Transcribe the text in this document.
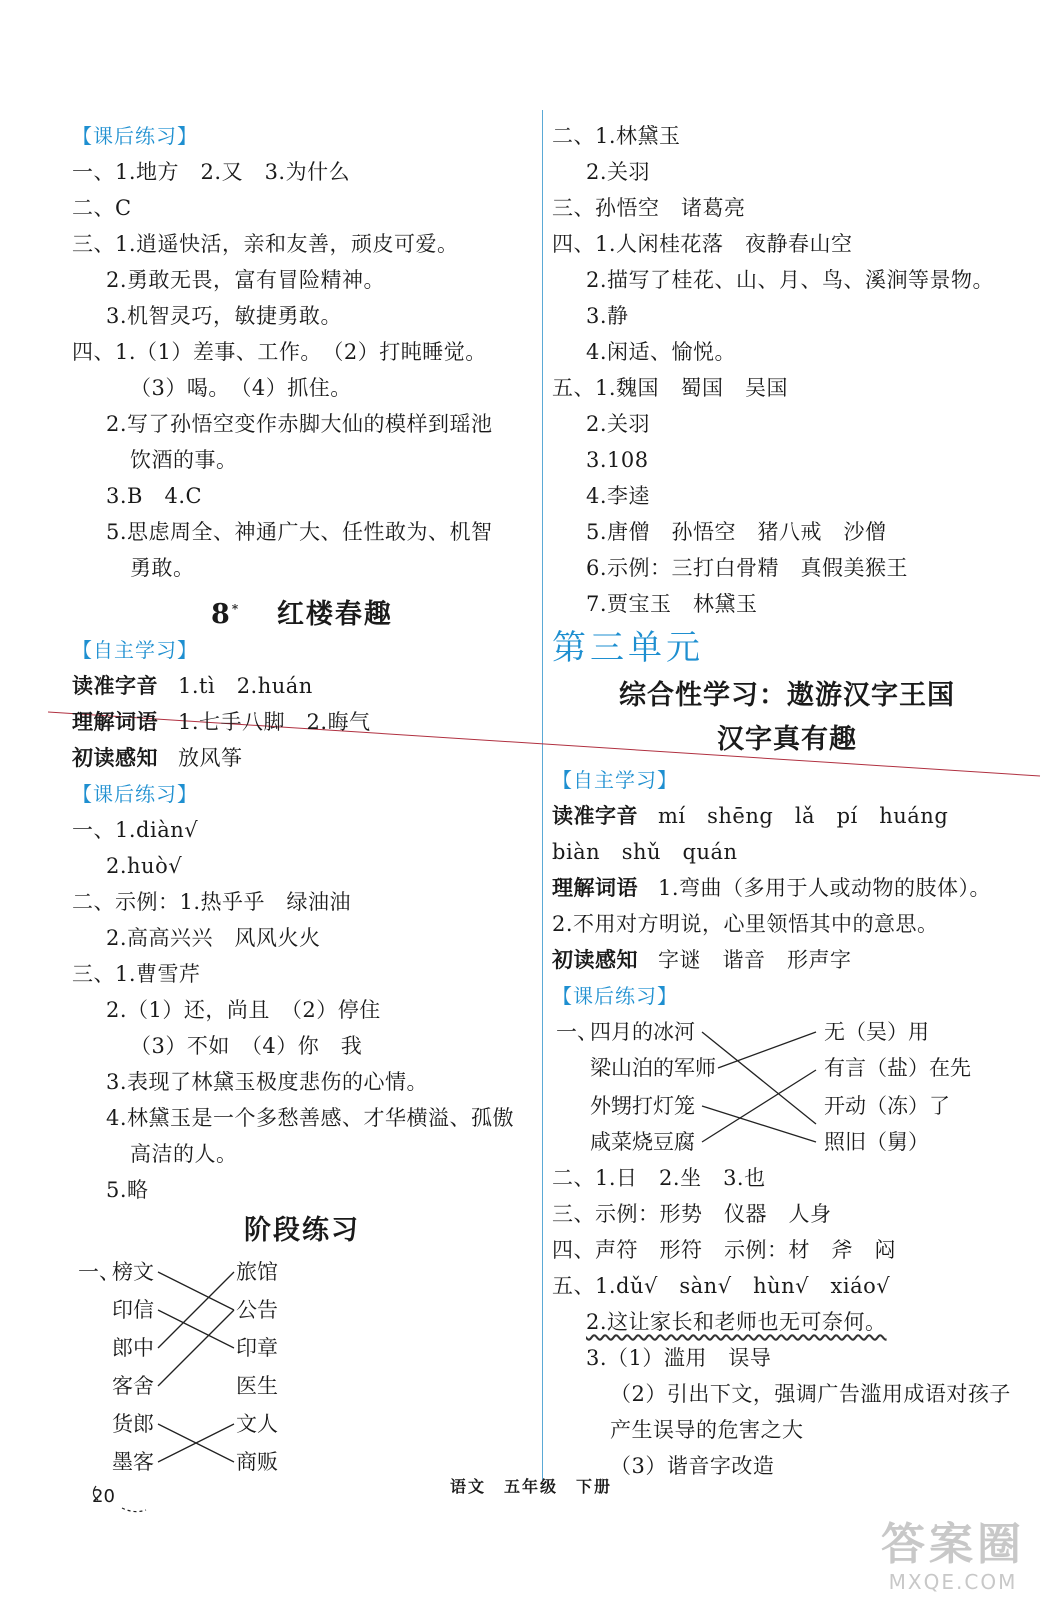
【课后练习】
一、1.地方　2.又　3.为什么
二、C
三、1.逍遥快活，亲和友善，顽皮可爱。
2.勇敢无畏，富有冒险精神。
3.机智灵巧，敏捷勇敢。
四、1.（1）差事、工作。　（2）打盹睡觉。
（3）喝。　（4）抓住。
2.写了孙悟空变作赤脚大仙的模样到瑶池
饮酒的事。
3.B　4.C
5.思虑周全、神通广大、任性敢为、机智
勇敢。
8* 红楼春趣
【自主学习】
读准字音 1.tì　2.huán
理解词语 1.七手八脚　2.晦气
初读感知 放风筝
【课后练习】
一、1.diàn√
2.huò√
二、示例：1.热乎乎　绿油油
2.高高兴兴　风风火火
三、1.曹雪芹
2.（1）还，尚且　（2）停住
（3）不如　（4）你　我
3.表现了林黛玉极度悲伤的心情。
4.林黛玉是一个多愁善感、才华横溢、孤傲
高洁的人。
5.略
阶段练习
一、
榜文
印信
郎中
客舍
货郎
墨客
旅馆
公告
印章
医生
文人
商贩
二、1.林黛玉
2.关羽
三、孙悟空　诸葛亮
四、1.人闲桂花落　夜静春山空
2.描写了桂花、山、月、鸟、溪涧等景物。
3.静
4.闲适、愉悦。
五、1.魏国　蜀国　吴国
2.关羽
3.108
4.李逵
5.唐僧　孙悟空　猪八戒　沙僧
6.示例：三打白骨精　真假美猴王
7.贾宝玉　林黛玉
第三单元
综合性学习：遨游汉字王国
汉字真有趣
【自主学习】
读准字音 mí　shēng　lǎ　pí　huáng
biàn　shǔ　quán
理解词语 1.弯曲（多用于人或动物的肢体）。
2.不用对方明说，心里领悟其中的意思。
初读感知 字谜　谐音　形声字
【课后练习】
一、
四月的冰河
梁山泊的军师
外甥打灯笼
咸菜烧豆腐
无（吴）用
有言（盐）在先
开动（冻）了
照旧（舅）
二、1.日　2.坐　3.也
三、示例：形势　仪器　人身
四、声符　形符　示例：材　斧　闷
五、1.dǔ√　sàn√　hùn√　xiáo√
2.这让家长和老师也无可奈何。
3.（1）滥用　误导
（2）引出下文，强调广告滥用成语对孩子
产生误导的危害之大
（3）谐音字改造
20	语文　五年级　下册
答案圈
MXQE.COM
